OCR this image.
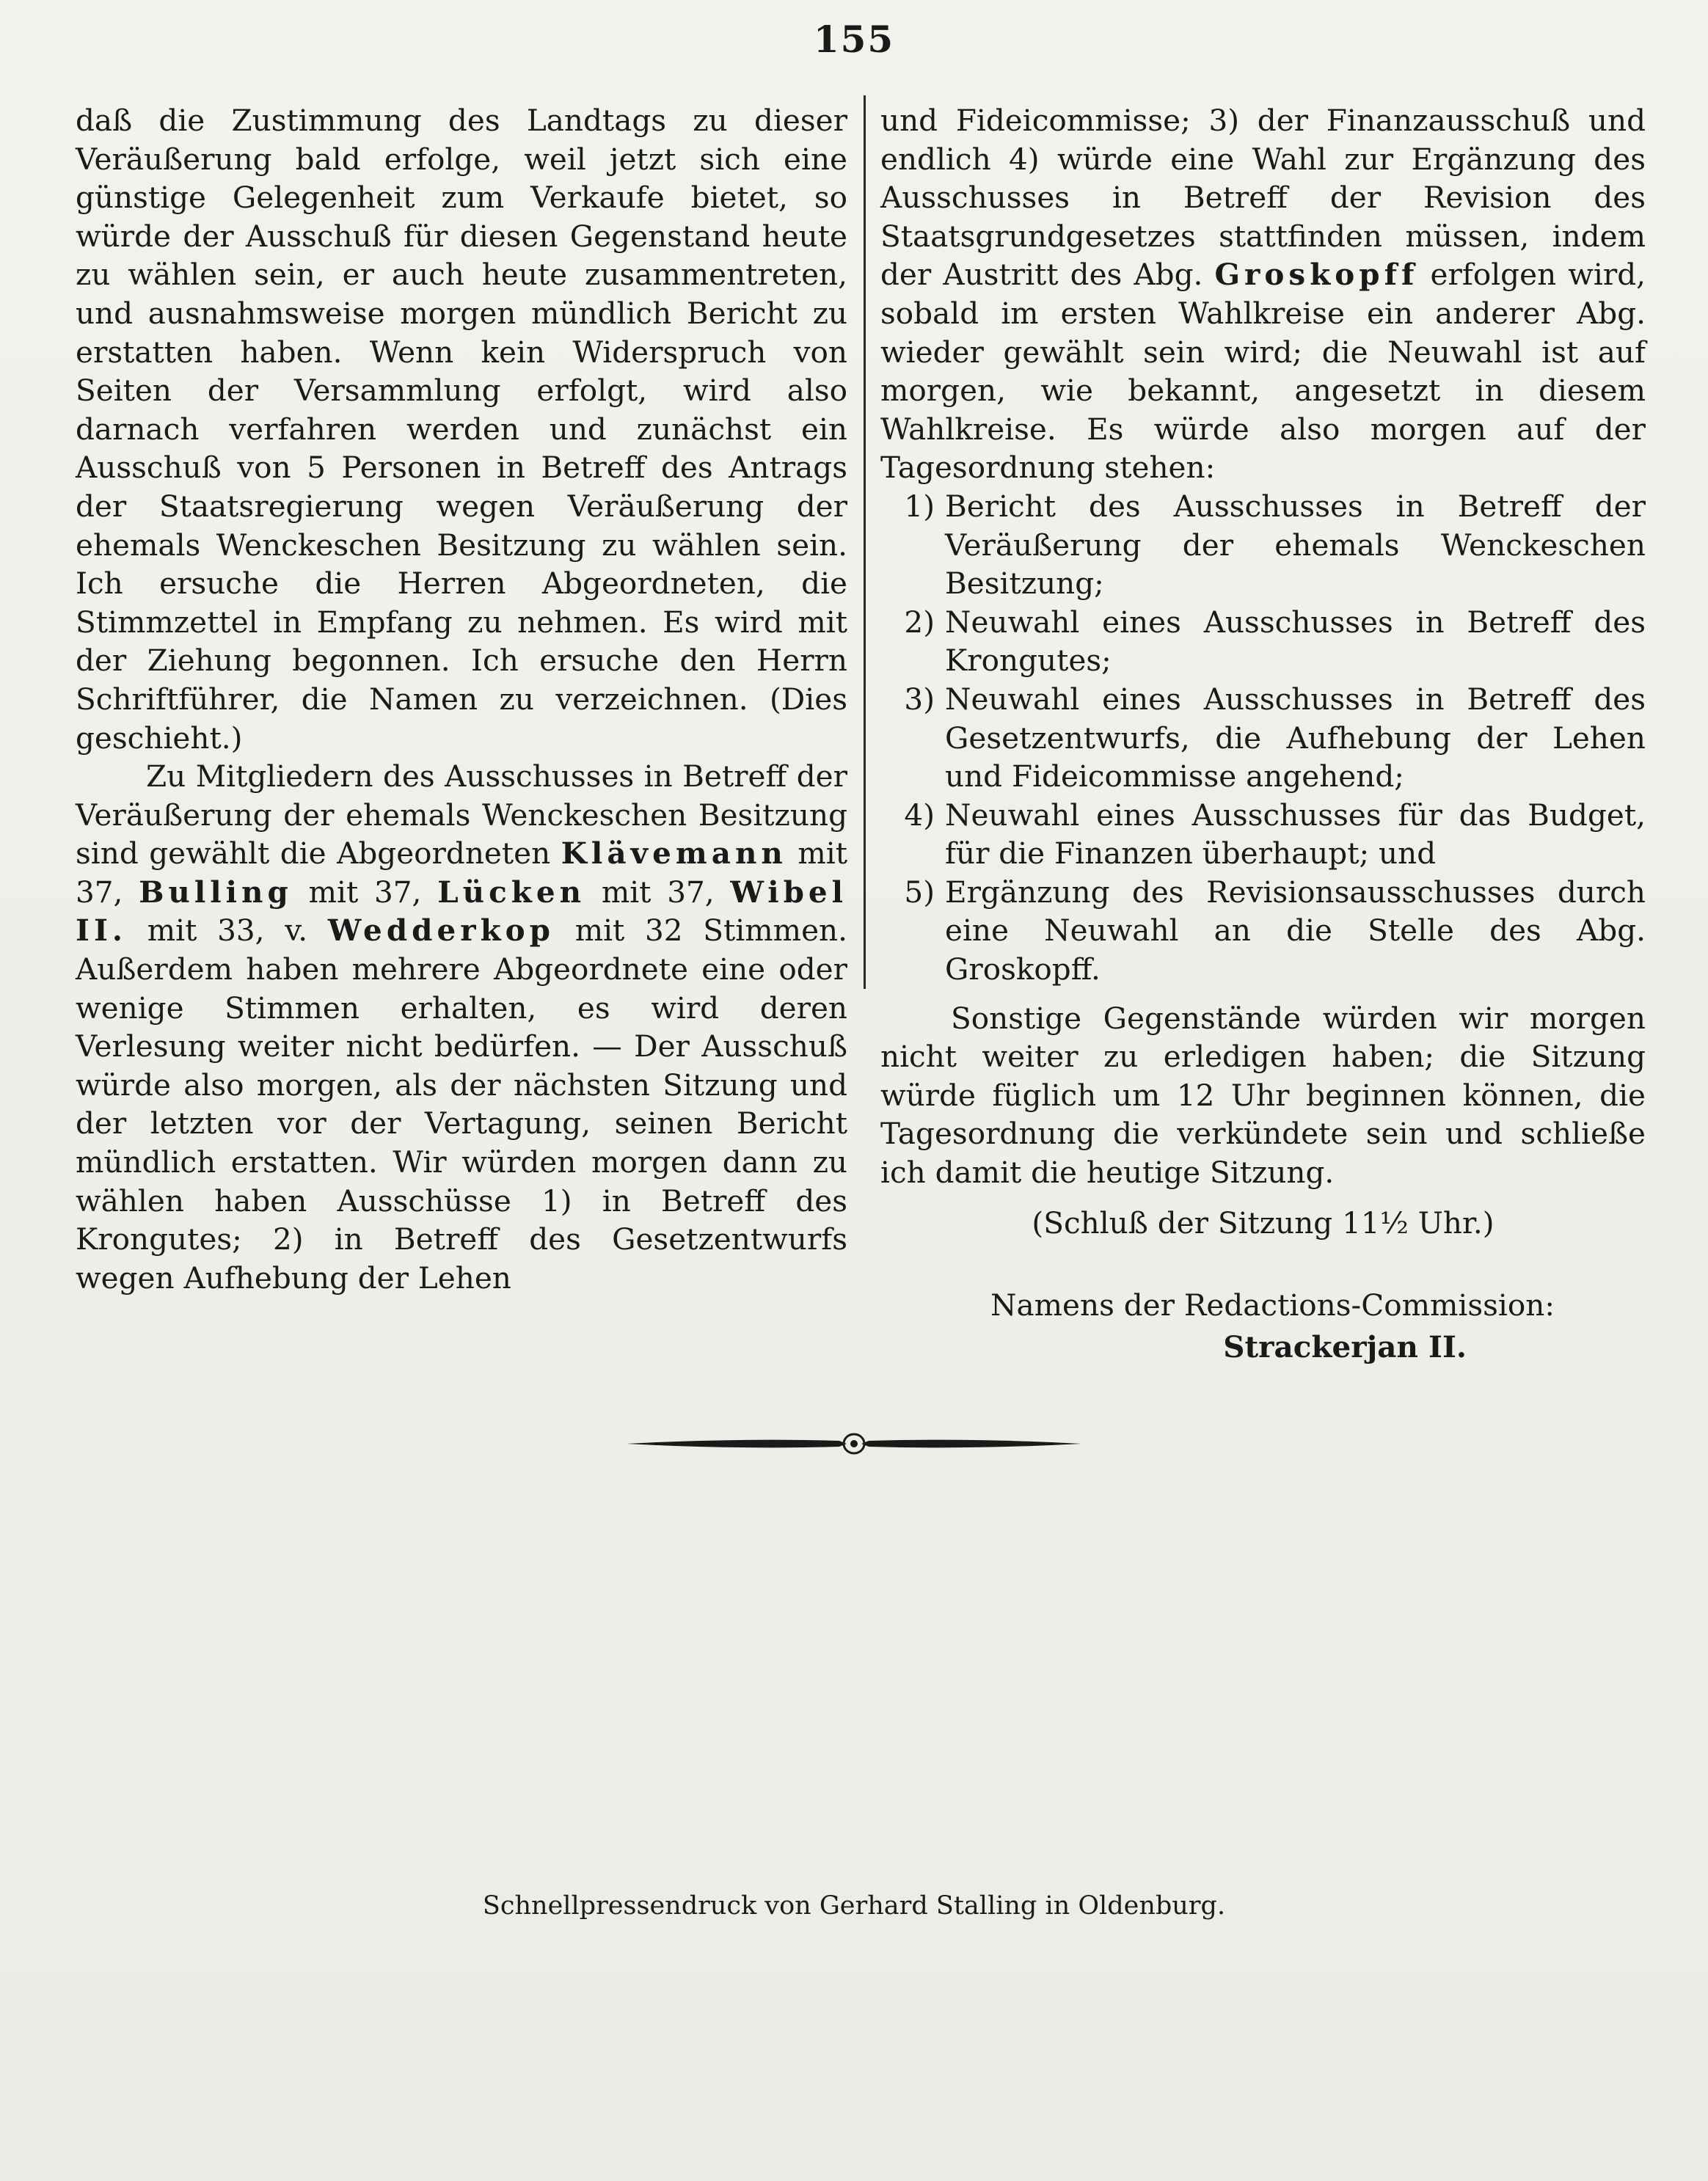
155

daß die Zustimmung des Landtags zu dieser Veräußerung bald erfolge, weil jetzt sich eine günstige Gelegenheit zum Verkaufe bietet, so würde der Ausschuß für diesen Gegenstand heute zu wählen sein, er auch heute zusammentreten, und ausnahmsweise morgen mündlich Bericht zu erstatten haben. Wenn kein Widerspruch von Seiten der Versammlung erfolgt, wird also darnach verfahren werden und zunächst ein Ausschuß von 5 Personen in Betreff des Antrags der Staatsregierung wegen Veräußerung der ehemals Wenckeschen Besitzung zu wählen sein. Ich ersuche die Herren Abgeordneten, die Stimmzettel in Empfang zu nehmen. Es wird mit der Ziehung begonnen. Ich ersuche den Herrn Schriftführer, die Namen zu verzeichnen. (Dies geschieht.)

Zu Mitgliedern des Ausschusses in Betreff der Veräußerung der ehemals Wenckeschen Besitzung sind gewählt die Abgeordneten Klävemann mit 37, Bulling mit 37, Lücken mit 37, Wibel II. mit 33, v. Wedderkop mit 32 Stimmen. Außerdem haben mehrere Abgeordnete eine oder wenige Stimmen erhalten, es wird deren Verlesung weiter nicht bedürfen. — Der Ausschuß würde also morgen, als der nächsten Sitzung und der letzten vor der Vertagung, seinen Bericht mündlich erstatten. Wir würden morgen dann zu wählen haben Ausschüsse 1) in Betreff des Krongutes; 2) in Betreff des Gesetzentwurfs wegen Aufhebung der Lehen

und Fideicommisse; 3) der Finanzausschuß und endlich 4) würde eine Wahl zur Ergänzung des Ausschusses in Betreff der Revision des Staatsgrundgesetzes stattfinden müssen, indem der Austritt des Abg. Groskopff erfolgen wird, sobald im ersten Wahlkreise ein anderer Abg. wieder gewählt sein wird; die Neuwahl ist auf morgen, wie bekannt, angesetzt in diesem Wahlkreise. Es würde also morgen auf der Tagesordnung stehen:

1) Bericht des Ausschusses in Betreff der Veräußerung der ehemals Wenckeschen Besitzung;
2) Neuwahl eines Ausschusses in Betreff des Krongutes;
3) Neuwahl eines Ausschusses in Betreff des Gesetzentwurfs, die Aufhebung der Lehen und Fideicommisse angehend;
4) Neuwahl eines Ausschusses für das Budget, für die Finanzen überhaupt; und
5) Ergänzung des Revisionsausschusses durch eine Neuwahl an die Stelle des Abg. Groskopff.

Sonstige Gegenstände würden wir morgen nicht weiter zu erledigen haben; die Sitzung würde füglich um 12 Uhr beginnen können, die Tagesordnung die verkündete sein und schließe ich damit die heutige Sitzung.

(Schluß der Sitzung 11½ Uhr.)

Namens der Redactions-Commission:
Strackerjan II.
Schnellpressendruck von Gerhard Stalling in Oldenburg.
